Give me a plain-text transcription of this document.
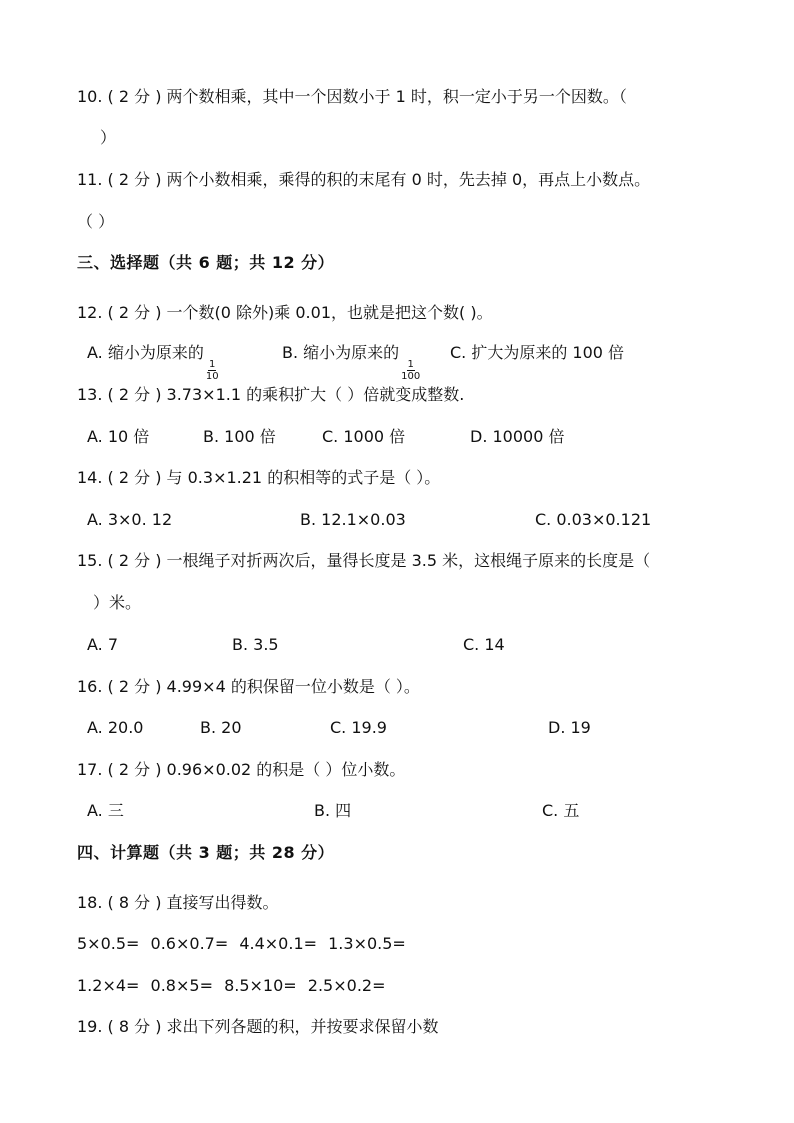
10. ( 2 分 ) 两个数相乘，其中一个因数小于 1 时，积一定小于另一个因数。（
）
11. ( 2 分 ) 两个小数相乘，乘得的积的末尾有 0 时，先去掉 0，再点上小数点。
（ ）
三、选择题（共 6 题；共 12 分）
12. ( 2 分 ) 一个数(0 除外)乘 0.01，也就是把这个数( )。
A. 缩小为原来的
$\frac{1}{10}$
B. 缩小为原来的
$\frac{1}{100}$
C. 扩大为原来的 100 倍
13. ( 2 分 ) 3.73×1.1 的乘积扩大（ ）倍就变成整数.
A. 10 倍	B. 100 倍	C. 1000 倍	D. 10000 倍
14. ( 2 分 ) 与 0.3×1.21 的积相等的式子是（ ）。
A. 3×0. 12	B. 12.1×0.03	C. 0.03×0.121
15. ( 2 分 ) 一根绳子对折两次后，量得长度是 3.5 米，这根绳子原来的长度是（
）米。
A. 7	B. 3.5	C. 14
16. ( 2 分 ) 4.99×4 的积保留一位小数是（ ）。
A. 20.0	B. 20	C. 19.9	D. 19
17. ( 2 分 ) 0.96×0.02 的积是（ ）位小数。
A. 三	B. 四	C. 五
四、计算题（共 3 题；共 28 分）
18. ( 8 分 ) 直接写出得数。
5×0.5= 0.6×0.7= 4.4×0.1= 1.3×0.5=
1.2×4= 0.8×5= 8.5×10= 2.5×0.2=
19. ( 8 分 ) 求出下列各题的积，并按要求保留小数
